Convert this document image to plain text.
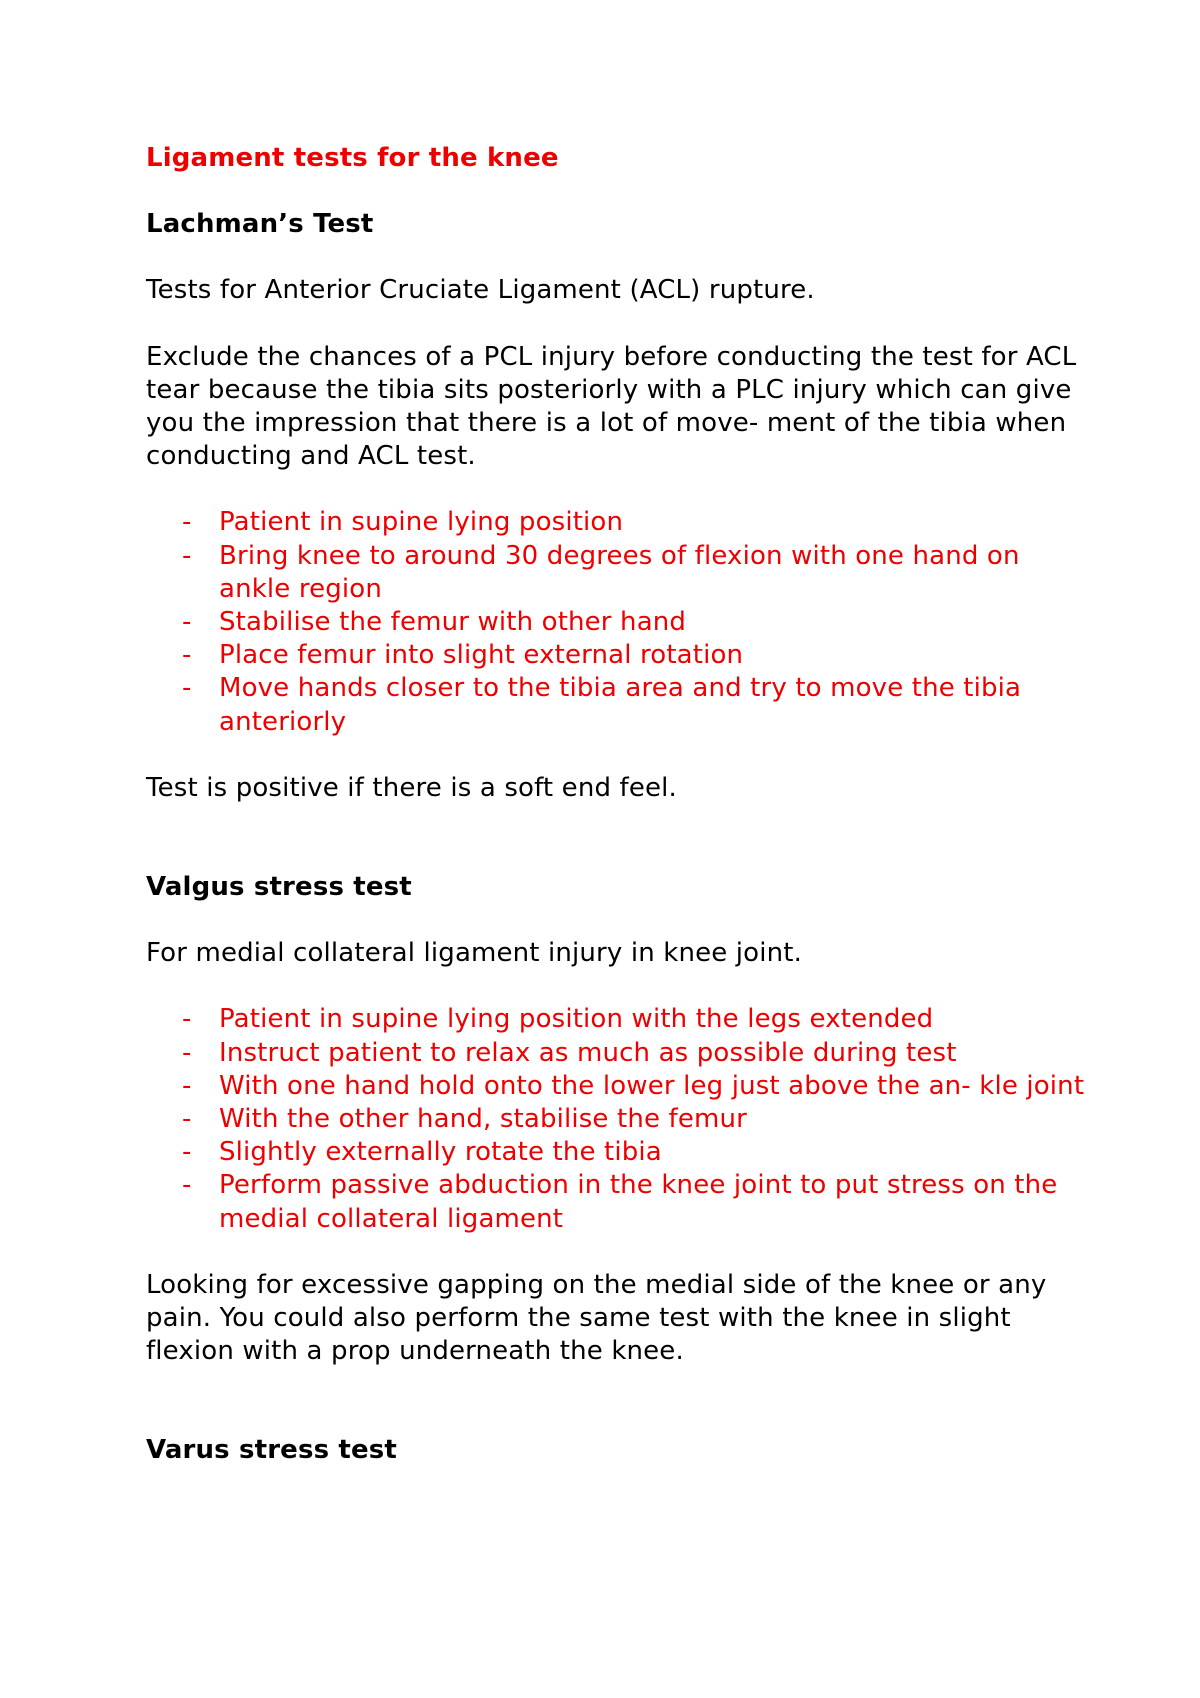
Ligament tests for the knee
Lachman’s Test

Tests for Anterior Cruciate Ligament (ACL) rupture.

Exclude the chances of a PCL injury before conducting the test for ACL tear because the tibia sits posteriorly with a PLC injury which can give you the impression that there is a lot of move- ment of the tibia when conducting and ACL test.

- Patient in supine lying position
- Bring knee to around 30 degrees of flexion with one hand on ankle region
- Stabilise the femur with other hand
- Place femur into slight external rotation
- Move hands closer to the tibia area and try to move the tibia anteriorly

Test is positive if there is a soft end feel.

Valgus stress test

For medial collateral ligament injury in knee joint.

- Patient in supine lying position with the legs extended
- Instruct patient to relax as much as possible during test
- With one hand hold onto the lower leg just above the an- kle joint
- With the other hand, stabilise the femur
- Slightly externally rotate the tibia
- Perform passive abduction in the knee joint to put stress on the medial collateral ligament

Looking for excessive gapping on the medial side of the knee or any pain. You could also perform the same test with the knee in slight flexion with a prop underneath the knee.

Varus stress test
